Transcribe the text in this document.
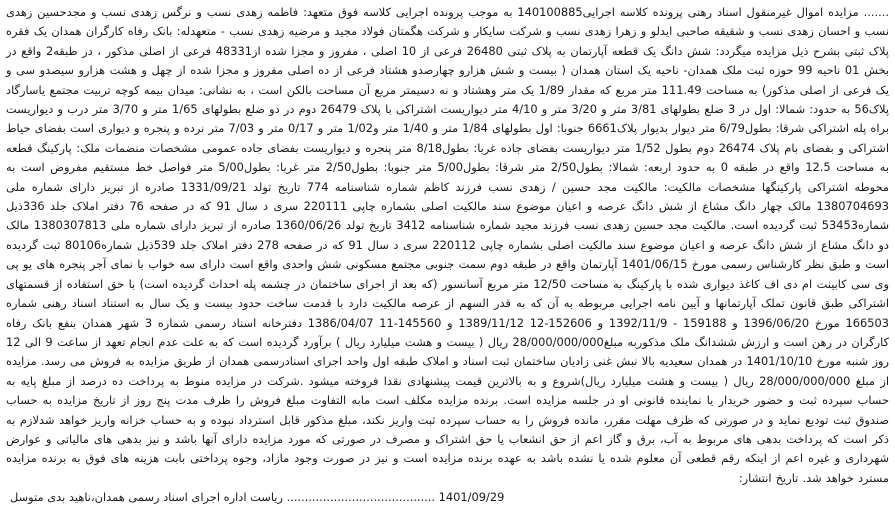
....... مزایده اموال غیرمنقول اسناد رهنی پرونده کلاسه اجرایی140100885 به موجب پرونده اجرایی کلاسه فوق متعهد: فاطمه زهدی نسب و نرگس زهدی نسب و مجدحسین زهدی نسب و احسان زهدی نسب و شقیقه صاحبی ایدلو و زهرا زهدی نسب و شرکت سایکار و شرکت هگمتان فولاد مجید و مرضیه زهدی نسب - متعهدله: بانک رفاه کارگران همدان یک فقره پلاک ثبتی بشرح ذیل مزایده میگردد: شش دانگ یک قطعه آپارتمان به پلاک ثبتی 26480 فرعی از 10 اصلی ، مفروز و مجزا شده از48331 فرعی از اصلی مذکور ، در طبقه2 واقع در بخش 01 ناحیه 99 حوزه ثبت ملک همدان- ناحیه یک استان همدان ( بیست و شش هزارو چهارصدو هشتاد فرعی از ده اصلی مفروز و مجزا شده از چهل و هشت هزارو سیصدو سی و یک فرعی از اصلی مذکور) به مساحت 111.49 متر مربع که مقدار 1/89 یک متر وهشتاد و نه دسیمتر مربع آن مساحت بالکن است ، به نشانی: میدان بیمه کوچه تربیت مجتمع یاسارگاد پلاک56 به حدود: شمالا: اول در 3 ضلع بطولهای 3/81 متر و 3/20 متر و 4/10 متر دیواریست اشتراکی با پلاک 26479 دوم در دو ضلع بطولهای 1/65 متر و 3/70 متر درب و دیواریست براه پله اشتراکی شرقا: بطول6/79 متر دیوار بدیوار پلاک6661 جنوبا: اول بطولهای 1/84 متر و 1/40 متر و1/02 متر و 0/17 متر و 7/03 متر نرده و پنجره و دیواری است بفضای حیاط اشتراکی و بفضای بام پلاک 26474 دوم بطول 1/52 متر دیواریست بفضای جاده غربا: بطول8/18 متر پنجره و دیواریست بفضای جاده عمومی مشخصات منضمات ملک: پارکینگ قطعه به مساحت 12.5 واقع در طبقه 0 به حدود اربعه: شمالا: بطول2/50 متر شرقا: بطول5/00 متر جنوبا: بطول2/50 متر غربا: بطول5/00 متر فواصل خط مستقیم مفروض است به محوطه اشتراکی پارکینگها مشخصات مالکیت: مالکیت مجد حسین / زهدی نسب فرزند کاظم شماره شناسنامه 774 تاریخ تولد 1331/09/21 صادره از تبریز دارای شماره ملی 1380704693 مالک چهار دانگ مشاع از شش دانگ عرصه و اعیان موضوع سند مالکیت اصلی بشماره چاپی 220111 سری د سال 91 که در صفحه 76 دفتر املاک جلد 336ذیل شماره53453 ثبت گردیده است. مالکیت مجد حسین زهدی نسب فرزند مجید شماره شناسنامه 3412 تاریخ تولد 1360/06/26 صادره از تبریز دارای شماره ملی 1380307813 مالک دو دانگ مشاع از شش دانگ عرصه و اعیان موضوع سند مالکیت اصلی بشماره چاپی 220112 سری د سال 91 که در صفحه 278 دفتر املاک جلد 539ذیل شماره80106 ثبت گردیده است و طبق نظر کارشناس رسمی مورخ 1401/06/15 آپارتمان واقع در طبقه دوم سمت جنوبی مجتمع مسکونی شش واحدی واقع است دارای سه خواب با نمای آجر پنجره های یو پی وی سی کابینت ام دی اف کاغذ دیواری شده با پارکینگ به مساحت 12/50 متر مربع آسانسور (که بعد از اجرای ساختمان در چشمه پله احداث گردیده است) با حق استفاده از قسمتهای اشتراکی طبق قانون تملک آپارتمانها و آیین نامه اجرایی مربوطه به آن که به قدر السهم از عرصه مالکیت دارد با قدمت ساخت حدود بیست و یک سال به استناد اسناد رهنی شماره 166503 مورخ 1396/06/20 و 159188 - 1392/11/9 و 152606-12 1389/11/12 و 145560-11 1386/04/07 دفترخانه اسناد رسمی شماره 3 شهر همدان بنفع بانک رفاه کارگران در رهن است و ارزش ششدانگ ملک مذکوربه مبلغ28/000/000/000 ریال ( بیست و هشت میلیارد ریال ) برآورد گردیده است که به علت عدم انجام تعهد از ساعت 9 الی 12 روز شنبه مورخ 1401/10/10 در همدان سعیدیه بالا نبش غنی زادیان ساختمان ثبت اسناد و املاک طبقه اول واحد اجرای اسنادرسمی همدان از طریق مزایده به فروش می رسد. مزایده از مبلغ 28/000/000/000 ریال ( بیست و هشت میلیارد ریال)شروع و به بالاترین قیمت پیشنهادی نقدا فروخته میشود .شرکت در مزایده منوط به پرداخت ده درصد از مبلغ پایه به حساب سپرده ثبت و حضور خریدار یا نماینده قانونی او در جلسه مزایده است. برنده مزایده مکلف است مابه التفاوت مبلغ فروش را ظرف مدت پنج روز از تاریخ مزایده به حساب صندوق ثبت تودیع نماید و در صورتی که ظرف مهلت مقرر، مانده فروش را به حساب سپرده ثبت واریز نکند، مبلغ مذکور قابل استرداد نبوده و به حساب خزانه واریز خواهد شدلازم به ذکر است که پرداخت بدهی های مربوط به آب، برق و گاز اعم از حق انشعاب یا حق اشتراک و مصرف در صورتی که مورد مزایده دارای آنها باشد و نیز بدهی های مالیاتی و عوارض شهرداری و غیره اعم از اینکه رقم قطعی آن معلوم شده یا نشده باشد به عهده برنده مزایده است و نیز در صورت وجود مازاد، وجوه پرداختی بابت هزینه های فوق به برنده مزایده مسترد خواهد شد. تاریخ انتشار:

1401/09/29 ......................................... ریاست اداره اجرای اسناد رسمی همدان،ناهید بدی متوسل
